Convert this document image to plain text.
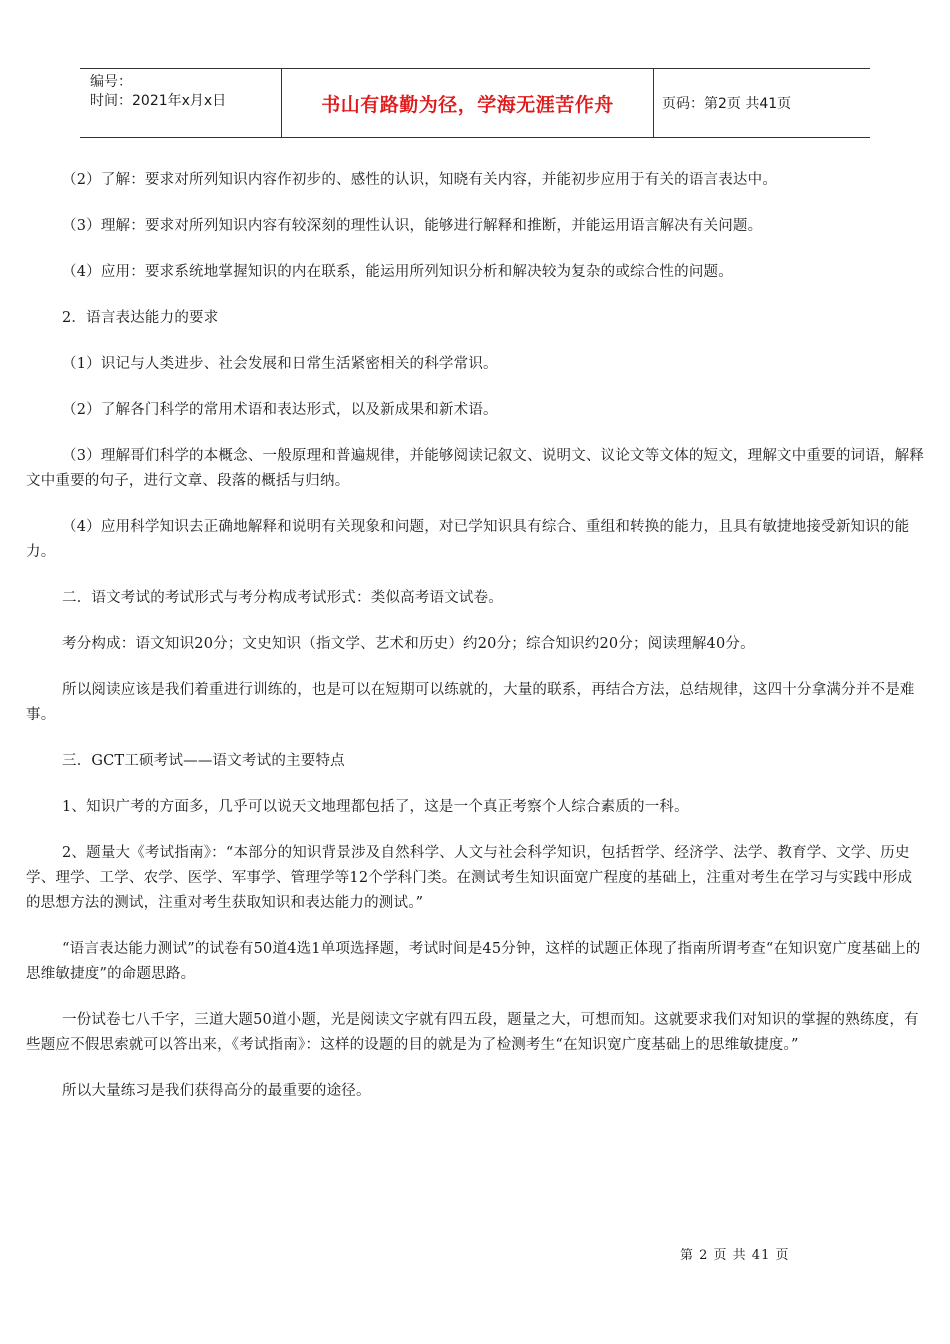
编号：
时间：2021年x月x日	书山有路勤为径，学海无涯苦作舟	页码：第2页 共41页

（2）了解：要求对所列知识内容作初步的、感性的认识，知晓有关内容，并能初步应用于有关的语言表达中。

（3）理解：要求对所列知识内容有较深刻的理性认识，能够进行解释和推断，并能运用语言解决有关问题。

（4）应用：要求系统地掌握知识的内在联系，能运用所列知识分析和解决较为复杂的或综合性的问题。

2．语言表达能力的要求

（1）识记与人类进步、社会发展和日常生活紧密相关的科学常识。

（2）了解各门科学的常用术语和表达形式，以及新成果和新术语。

（3）理解哥们科学的本概念、一般原理和普遍规律，并能够阅读记叙文、说明文、议论文等文体的短文，理解文中重要的词语，解释文中重要的句子，进行文章、段落的概括与归纳。

（4）应用科学知识去正确地解释和说明有关现象和问题，对已学知识具有综合、重组和转换的能力，且具有敏捷地接受新知识的能力。

二．语文考试的考试形式与考分构成考试形式：类似高考语文试卷。

考分构成：语文知识20分；文史知识（指文学、艺术和历史）约20分；综合知识约20分；阅读理解40分。

所以阅读应该是我们着重进行训练的，也是可以在短期可以练就的，大量的联系，再结合方法，总结规律，这四十分拿满分并不是难事。

三．GCT工硕考试——语文考试的主要特点

1、知识广考的方面多，几乎可以说天文地理都包括了，这是一个真正考察个人综合素质的一科。

2、题量大《考试指南》：“本部分的知识背景涉及自然科学、人文与社会科学知识，包括哲学、经济学、法学、教育学、文学、历史学、理学、工学、农学、医学、军事学、管理学等12个学科门类。在测试考生知识面宽广程度的基础上，注重对考生在学习与实践中形成的思想方法的测试，注重对考生获取知识和表达能力的测试。”

“语言表达能力测试”的试卷有50道4选1单项选择题，考试时间是45分钟，这样的试题正体现了指南所谓考查“在知识宽广度基础上的思维敏捷度”的命题思路。

一份试卷七八千字，三道大题50道小题，光是阅读文字就有四五段，题量之大，可想而知。这就要求我们对知识的掌握的熟练度，有些题应不假思索就可以答出来，《考试指南》：这样的设题的目的就是为了检测考生“在知识宽广度基础上的思维敏捷度。”

所以大量练习是我们获得高分的最重要的途径。

第 2 页 共 41 页
